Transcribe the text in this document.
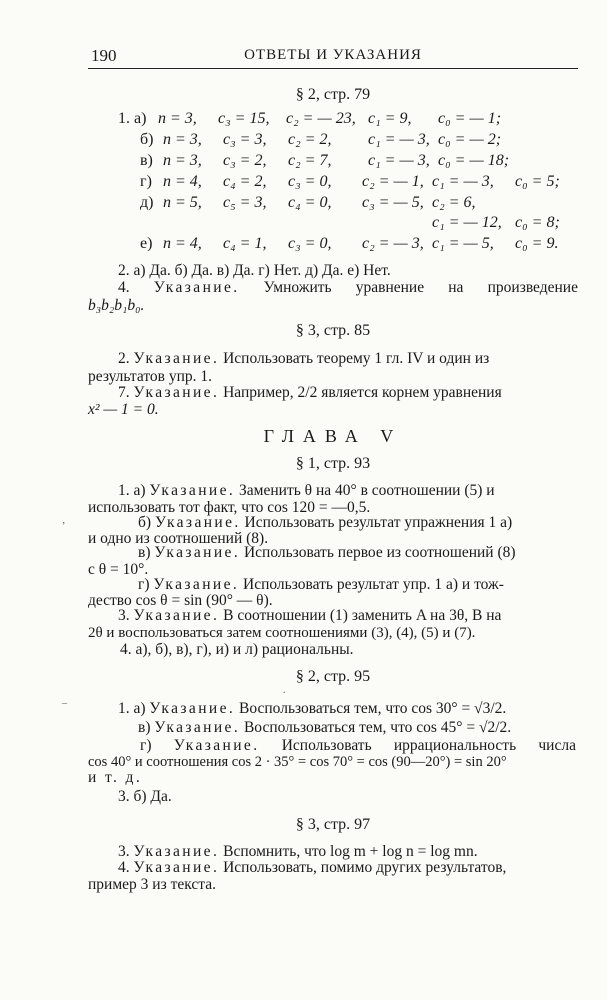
190	ОТВЕТЫ И УКАЗАНИЯ
§ 2, стр. 79
1. а) n = 3, c₃ = 15, c₂ = — 23, c₁ = 9, c₀ = — 1;
б) n = 3, c₃ = 3, c₂ = 2, c₁ = — 3, c₀ = — 2;
в) n = 3, c₃ = 2, c₂ = 7, c₁ = — 3, c₀ = — 18;
г) n = 4, c₄ = 2, c₃ = 0, c₂ = — 1, c₁ = — 3, c₀ = 5;
д) n = 5, c₅ = 3, c₄ = 0, c₃ = — 5, c₂ = 6,
c₁ = — 12, c₀ = 8;
е) n = 4, c₄ = 1, c₃ = 0, c₂ = — 3, c₁ = — 5, c₀ = 9.
2. а) Да. б) Да. в) Да. г) Нет. д) Да. е) Нет.
4. Указание. Умножить уравнение на произведение
b₃b₂b₁b₀.
§ 3, стр. 85
2. Указание. Использовать теорему 1 гл. IV и один из
результатов упр. 1.
7. Указание. Например, 2/2 является корнем уравнения
x² — 1 = 0.
ГЛАВА V
§ 1, стр. 93
1. а) Указание. Заменить θ на 40° в соотношении (5) и
использовать тот факт, что cos 120 = —0,5.
б) Указание. Использовать результат упражнения 1 а)
и одно из соотношений (8).
в) Указание. Использовать первое из соотношений (8)
с θ = 10°.
г) Указание. Использовать результат упр. 1 а) и тож-
дество cos θ = sin (90° — θ).
3. Указание. В соотношении (1) заменить A на 3θ, B на
2θ и воспользоваться затем соотношениями (3), (4), (5) и (7).
4. а), б), в), г), и) и л) рациональны.
§ 2, стр. 95
1. а) Указание. Воспользоваться тем, что cos 30° = √3/2.
в) Указание. Воспользоваться тем, что cos 45° = √2/2.
г) Указание. Использовать иррациональность числа
cos 40° и соотношения cos 2 · 35° = cos 70° = cos (90—20°) = sin 20°
и т. д.
3. б) Да.
§ 3, стр. 97
3. Указание. Вспомнить, что log m + log n = log mn.
4. Указание. Использовать, помимо других результатов,
пример 3 из текста.
‚
–
.
